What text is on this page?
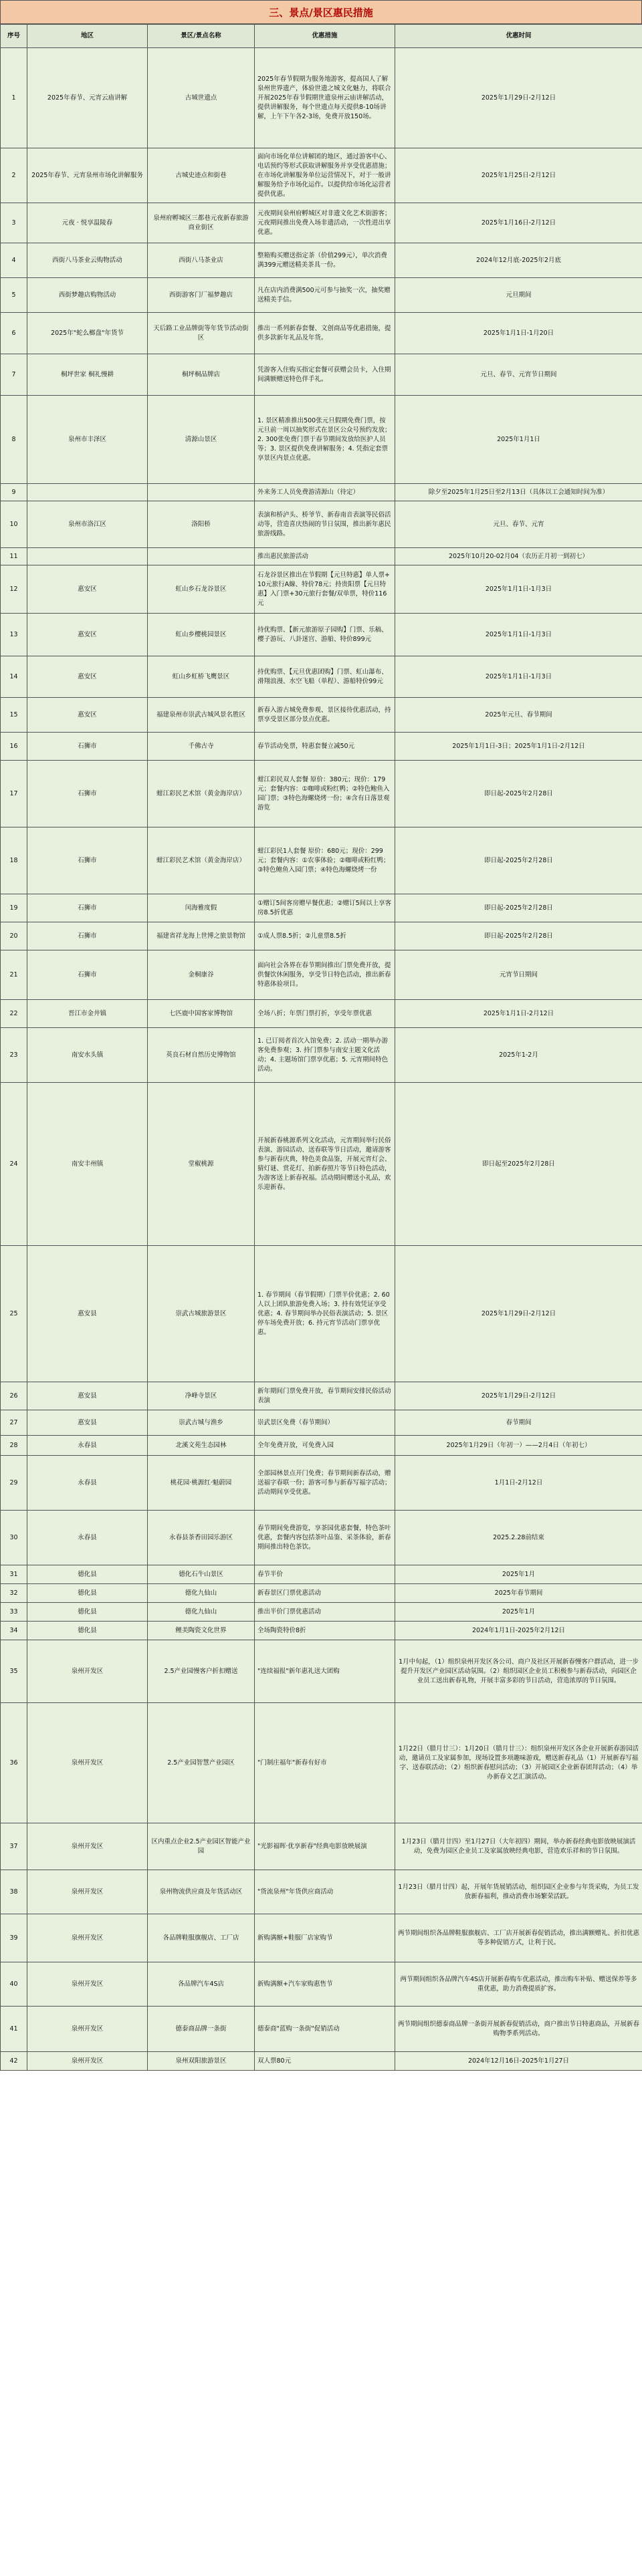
三、景点/景区惠民措施
序号	地区	景区/景点名称	优惠措施	优惠时间
1	2025年春节、元宵云庙讲解	古城世遗点	2025年春节假期为服务地游客，提高国人了解泉州世界遗产，体验世遗之城文化魅力，将联合开展2025年春节假期世遗泉州云庙讲解活动，提供讲解服务，每个世遗点每天提供8-10场讲解，上午下午各2-3场，免费开放150场。	2025年1月29日-2月12日
2	2025年春节、元宵泉州市场化讲解服务	古城史迹点和街巷	面向市场化单位讲解团的地区，通过游客中心、电话预约等形式获取讲解服务并享受优惠措施；在市场化讲解服务单位运营情况下，对于一般讲解服务给予市场化运作。以提供给市场化运营者提供优惠。	2025年1月25日-2月12日
3	元夜 · 悦享温陵春	泉州府孵城区三都巷元夜新春旅游商业街区	元夜期间泉州府孵城区对非遗文化艺术街游客；元夜期间推出免费入场非遗活动，一次性进出享优惠。	2025年1月16日-2月12日
4	西街八马茶业云购物活动	西街八马茶业店	整箱购买赠送指定茶（价值299元），单次消费满399元赠送精美茶具一份。	2024年12月底-2025年2月底
5	西街梦趣店购物活动	西街游客门厂福梦趣店	凡在店内消费满500元可参与抽奖一次，抽奖赠送精美手信。	元旦期间
6	2025年"蛇么榔盘"年货节	天后路工业品牌街等年货节活动街区	推出一系列新春套餐、文创商品等优惠措施，提供多款新年礼品及年货。	2025年1月1日-1月20日
7	桐坪世家 桐礼慢耕	桐坪桐品牌店	凭游客入住购买指定套餐可获赠会员卡，入住期间满额赠送特色伴手礼。	元旦、春节、元宵节日期间
8	泉州市丰泽区	清源山景区	1. 景区精准推出500张元旦假期免费门票，按元旦前一周以抽奖形式在景区公众号预约发放；2. 300张免费门票于春节期间发放给医护人员等；3. 景区提供免费讲解服务；4. 凭指定套票享景区内景点优惠。	2025年1月1日
9			外来务工人员免费游清源山（待定）	除夕至2025年1月25日至2月13日（具体以工会通知时间为准）
10	泉州市洛江区	洛阳桥	表演和桥泸头、桥爷节、新春南音表演等民俗活动等，营造喜庆热闹的节日氛围，推出新年惠民旅游线路。	元旦、春节、元宵
11			推出惠民旅游活动	2025年10月20-02月04（农历正月初一到初七）
12	惠安区	虹山乡石龙谷景区	石龙谷景区推出在节假期【元旦特惠】单人票+10元旅行A線、特价78元；持贵阳票【元旦特惠】入门票+30元旅行套餐/双单票，特价116元	2025年1月1日-1月3日
13	惠安区	虹山乡樱桃园景区	持优购票、【新元旅游原子园购】门票、乐稿、樱子游玩、八卦迷宫、游船、特价899元	2025年1月1日-1月3日
14	惠安区	虹山乡虹桥飞鹰景区	持优购票、【元旦优惠团购】门票、虹山瀑布、滑翔浪漫、水空飞船（单程）、游船特价99元	2025年1月1日-1月3日
15	惠安区	福建泉州市崇武古城风景名胜区	新春入游古城免费参观、景区接待优惠活动，持票享受景区部分景点优惠。	2025年元旦、春节期间
16	石狮市	千佛古寺	春节活动免票，特惠套餐立减50元	2025年1月1日-3日；2025年1月1日-2月12日
17	石狮市	蚶江彩民艺术馆（黄金海岸店）	蚶江彩民双人套餐 原价：380元；现价：179元；套餐内容：①咖啡或粉红鸭；②特色鲍鱼入园门票；③特色海螺烧烤一份；④含有日落景观游览	即日起-2025年2月28日
18	石狮市	蚶江彩民艺术馆（黄金海岸店）	蚶江彩民1人套餐 原价：680元；现价：299元；套餐内容：①农事体验；②咖啡或粉红鸭；③特色鲍鱼入园门票；④特色海螺烧烤一份	即日起-2025年2月28日
19	石狮市	闰海雅度假	①赠订5间客房赠早餐优惠；②赠订5间以上享客房8.5折优惠	即日起-2025年2月28日
20	石狮市	福建省祥龙海上世博之旅景物馆	①成人票8.5折；②儿童票8.5折	即日起-2025年2月28日
21	石狮市	金桐康谷	面向社会各界在春节期间推出门票免费开放，提供餐饮休闲服务，享受节日特色活动，推出新春特惠体验项目。	元宵节日期间
22	晋江市金井镇	七匹鹿中国客家博物馆	全场八折；年票门票打折，享受年票优惠	2025年1月1日-2月12日
23	南安水头镇	英良石材自然历史博物馆	1. 已订阅者首次入馆免费；2. 活动一期举办游客免费参观；3. 持门票参与南安主题文化活动；4. 主题场馆门票享优惠；5. 元宵期间特色活动。	2025年1-2月
24	南安丰州镇	堂椒桃源	开展新春桃源系列文化活动，元宵期间举行民俗表演、游园活动、送春联等节日活动，邀请游客参与新春庆典，特色美食品鉴，开展元宵灯会、猜灯谜、赏花灯、拍新春照片等节日特色活动，为游客送上新春祝福。活动期间赠送小礼品，欢乐迎新春。	即日起至2025年2月28日
25	惠安县	崇武古城旅游景区	1. 春节期间（春节假期）门票半价优惠；2. 60人以上团队旅游免费入场；3. 持有效凭证享受优惠；4. 春节期间举办民俗表演活动；5. 景区停车场免费开放；6. 持元宵节活动门票享优惠。	2025年1月29日-2月12日
26	惠安县	净峰寺景区	新年期间门票免费开放，春节期间安排民俗活动表演	2025年1月29日-2月12日
27	惠安县	崇武古城与渔乡	崇武景区免费（春节期间）	春节期间
28	永春县	北溪文苑生态园林	全年免费开放，可免费入园	2025年1月29日（年初一）——2月4日（年初七）
29	永春县	桃花园·桃源红·魁蔚园	全部园林景点开门免费；春节期间新春活动，赠送福字春联一份；游客可参与新春写福字活动；活动期间享受优惠。	1月1日-2月12日
30	永春县	永春县茶香田园乐游区	春节期间免费游览，享茶园优惠套餐，特色茶叶优惠，套餐内容包括茶叶品鉴、采茶体验，新春期间推出特色茶饮。	2025.2.28前结束
31	德化县	德化石牛山景区	春节半价	2025年1月
32	德化县	德化九仙山	新春景区门票优惠活动	2025年春节期间
33	德化县	德化九仙山	推出半价门票优惠活动	2025年1月
34	德化县	鲤美陶瓷文化世界	全场陶瓷特价8折	2024年1月1日-2025年2月12日
35	泉州开发区	2.5产业园慢客户折扣赠送	"连续福报"新年惠礼送大团购	1月中旬起，（1）组织泉州开发区各公司、商户及社区开展新春慢客户群活动，进一步提升开发区产业园区活动氛围。（2）组织园区企业员工积极参与新春活动，向园区企业员工送出新春礼物，开展丰富多彩的节日活动，营造浓厚的节日氛围。
36	泉州开发区	2.5产业园智慧产业园区	"门制庄福年"新春有好市	1月22日（腊月廿三）：1月20日（腊月廿三）：组织泉州开发区各企业开展新春游园活动，邀请员工及家属参加，现场设置多项趣味游戏，赠送新春礼品（1）开展新春写福字、送春联活动；（2）组织新春慰问活动；（3）开展园区企业新春团拜活动；（4）举办新春文艺汇演活动。
37	泉州开发区	区内重点企业2.5产业园区智能产业园	"光影福晖·优享新春"经典电影放映展演	1月23日（腊月廿四）至1月27日（大年初四）期间，举办新春经典电影放映展演活动，免费为园区企业员工及家属放映经典电影，营造欢乐祥和的节日氛围。
38	泉州开发区	泉州物流供应商及年货活动区	"货流泉州"年货供应商活动	1月23日（腊月廿四）起，开展年货展销活动，组织园区企业参与年货采购，为员工发放新春福利，推动消费市场繁荣活跃。
39	泉州开发区	各品牌鞋服旗舰店、工厂店	新购满额+鞋服厂店家购节	两节期间组织各品牌鞋服旗舰店、工厂店开展新春促销活动，推出满额赠礼、折扣优惠等多种促销方式，让利于民。
40	泉州开发区	各品牌汽车4S店	新购满额+汽车家购惠售节	两节期间组织各品牌汽车4S店开展新春购车优惠活动，推出购车补贴、赠送保养等多重优惠，助力消费提质扩容。
41	泉州开发区	德泰商品牌一条街	德泰商"蓝购一条街"促销活动	两节期间组织德泰商品牌一条街开展新春促销活动，商户推出节日特惠商品，开展新春购物季系列活动。
42	泉州开发区	泉州双阳旅游景区	双人票80元	2024年12月16日-2025年1月27日
